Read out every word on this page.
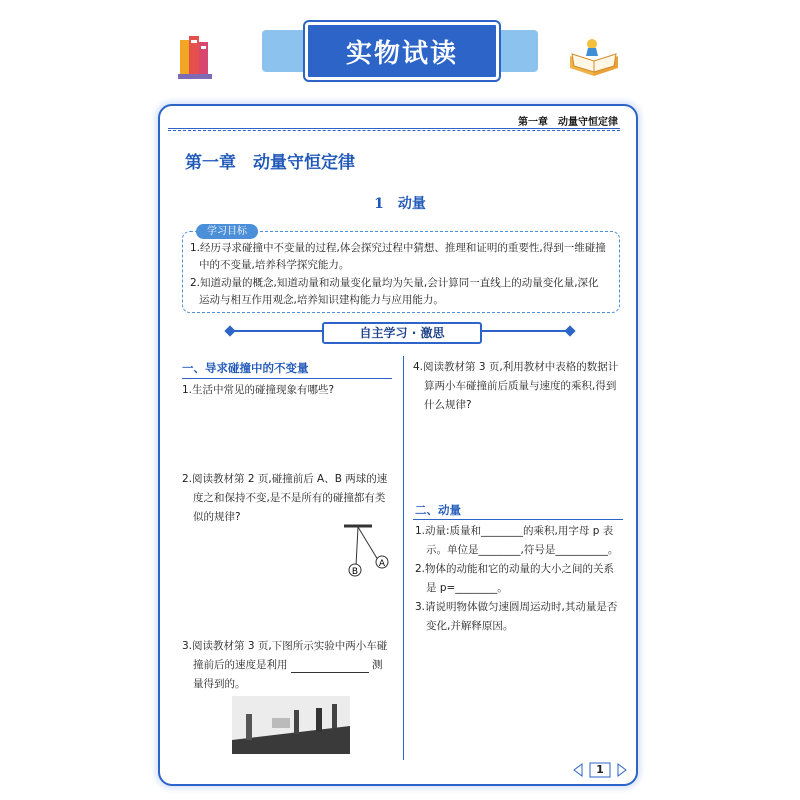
实物试读
第一章　动量守恒定律
第一章　动量守恒定律
1　动量
学习目标
1.经历寻求碰撞中不变量的过程,体会探究过程中猜想、推理和证明的重要性,得到一维碰撞
中的不变量,培养科学探究能力。
2.知道动量的概念,知道动量和动量变化量均为矢量,会计算同一直线上的动量变化量,深化
运动与相互作用观念,培养知识建构能力与应用能力。
自主学习 · 激思
一、导求碰撞中的不变量
1.生活中常见的碰撞现象有哪些?
2.阅读教材第 2 页,碰撞前后 A、B 两球的速
度之和保持不变,是不是所有的碰撞都有类
似的规律?
B
A
3.阅读教材第 3 页,下图所示实验中两小车碰
撞前后的速度是利用	测
量得到的。
4.阅读教材第 3 页,利用教材中表格的数据计
算两小车碰撞前后质量与速度的乘积,得到
什么规律?
二、动量
1.动量:质量和________的乘积,用字母 p 表
示。单位是________,符号是__________。
2.物体的动能和它的动量的大小之间的关系
是 p=________。
3.请说明物体做匀速圆周运动时,其动量是否
变化,并解释原因。
1
